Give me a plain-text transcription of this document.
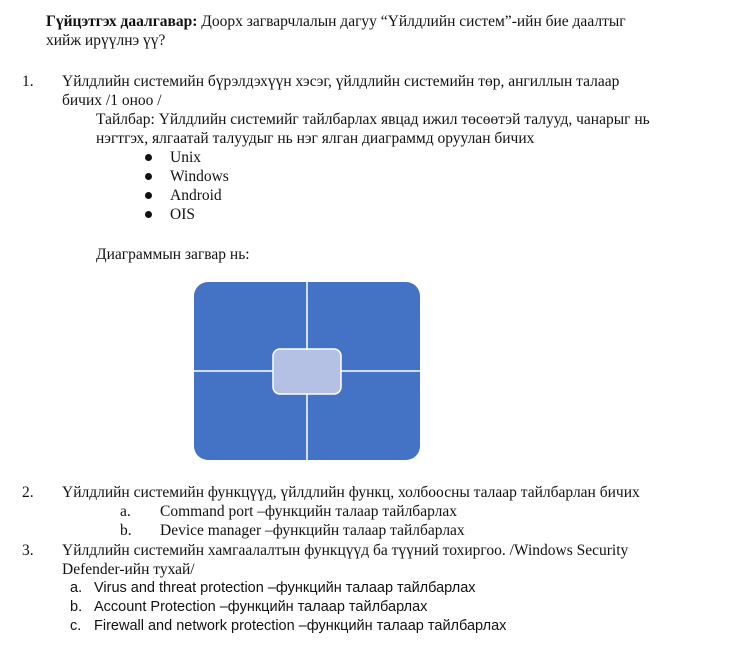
Гүйцэтгэх даалгавар: Доорх загварчлалын дагуу “Үйлдлийн систем”-ийн бие даалтыг
хийж ирүүлнэ үү?
1. Үйлдлийн системийн бүрэлдэхүүн хэсэг, үйлдлийн системийн төр, ангиллын талаар
бичих /1 оноо /
Тайлбар: Үйлдлийн системийг тайлбарлах явцад ижил төсөөтэй талууд, чанарыг нь
нэгтгэх, ялгаатай талуудыг нь нэг ялган диаграммд оруулан бичих
Unix
Windows
Android
OIS
Диаграммын загвар нь:
2. Үйлдлийн системийн функцүүд, үйлдлийн функц, холбоосны талаар тайлбарлан бичих
a. Command port –функцийн талаар тайлбарлах
b. Device manager –функцийн талаар тайлбарлах
3. Үйлдлийн системийн хамгаалалтын функцүүд ба түүний тохиргоо. /Windows Security
Defender-ийн тухай/
a. Virus and threat protection –функцийн талаар тайлбарлах
b. Account Protection –функцийн талаар тайлбарлах
c. Firewall and network protection –функцийн талаар тайлбарлах
